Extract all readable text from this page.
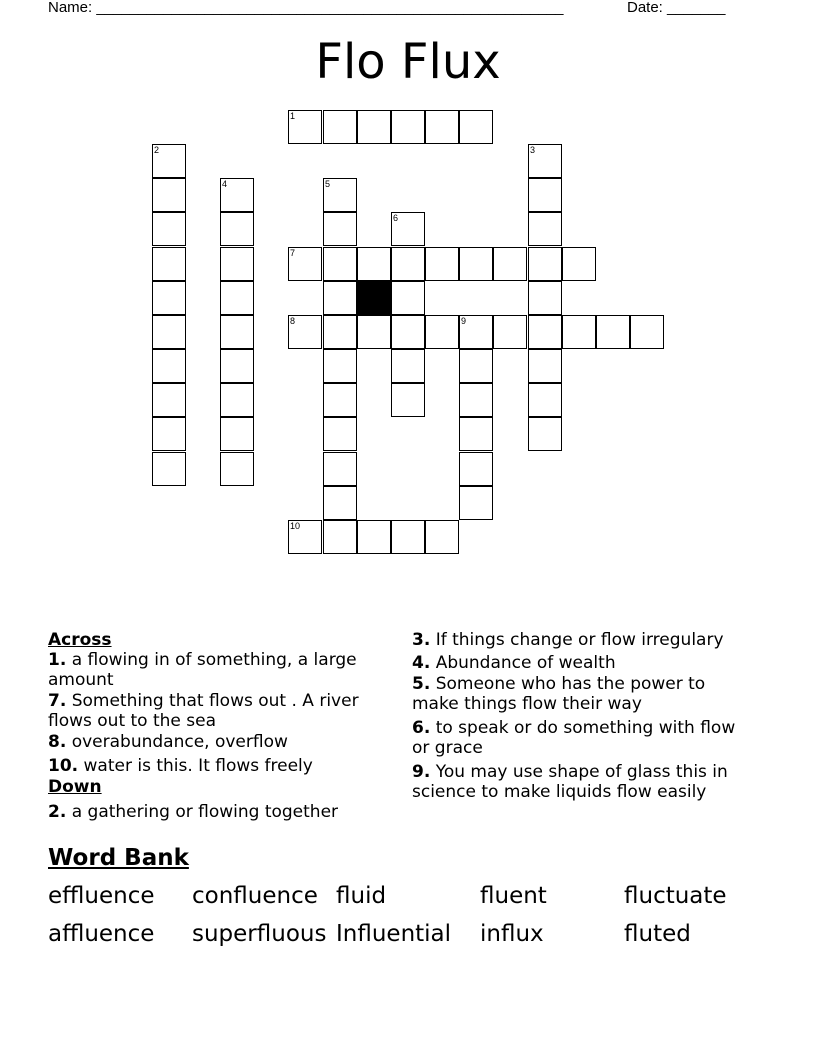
Name: ________________________________________________________	Date: _______
Flo Flux
1
2	3
4	5
6
7
8	9
10
Across
1. a flowing in of something, a large amount
7. Something that flows out . A river flows out to the sea
8. overabundance, overflow
10. water is this. It flows freely
Down
2. a gathering or flowing together
3. If things change or flow irregulary
4. Abundance of wealth
5. Someone who has the power to make things flow their way
6. to speak or do something with flow or grace
9. You may use shape of glass this in science to make liquids flow easily
Word Bank
effluence confluence fluid	fluent	fluctuate
affluence superfluous Influential influx	fluted
